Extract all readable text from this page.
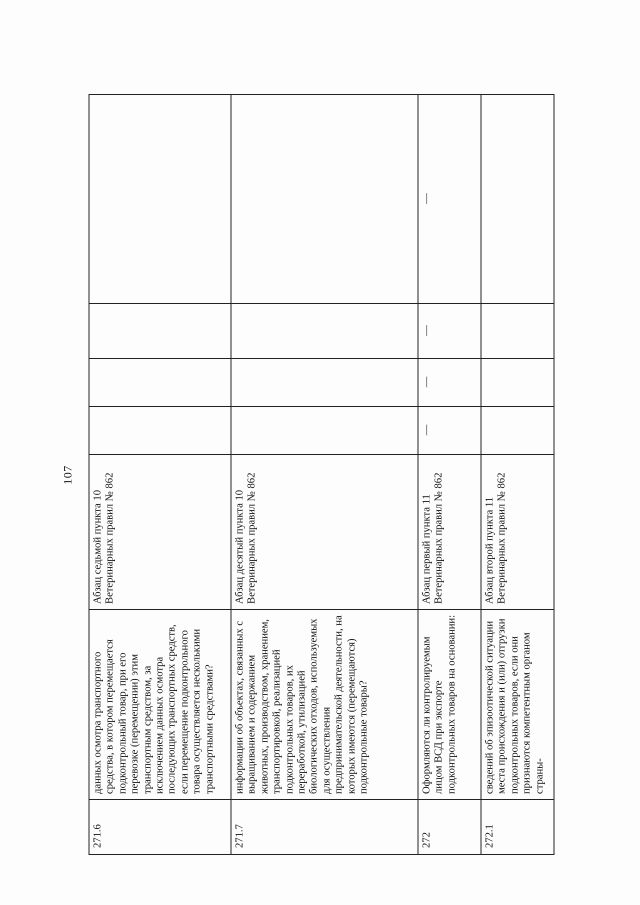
107
271.6	данных осмотра транспортного средства, в котором перемещается подконтрольный товар, при его перевозке (перемещении) этим транспортным средством, за исключением данных осмотра последующих транспортных средств, если перемещение подконтрольного товара осуществляется несколькими транспортными средствами?	Абзац седьмой пункта 10 Ветеринарных правил № 862				
271.7	информации об объектах, связанных с выращиванием и содержанием животных, производством, хранением, транспортировкой, реализацией подконтрольных товаров, их переработкой, утилизацией биологических отходов, используемых для осуществления предпринимательской деятельности, на которых имеются (перемещаются) подконтрольные товары?	Абзац десятый пункта 10 Ветеринарных правил № 862				
272	Оформляются ли контролируемым лицом ВСД при экспорте подконтрольных товаров на основании:	Абзац первый пункта 11 Ветеринарных правил № 862	—	—	—	—
272.1	сведений об эпизоотической ситуации места происхождения и (или) отгрузки подконтрольных товаров, если они признаются компетентным органом страны-	Абзац второй пункта 11 Ветеринарных правил № 862				
